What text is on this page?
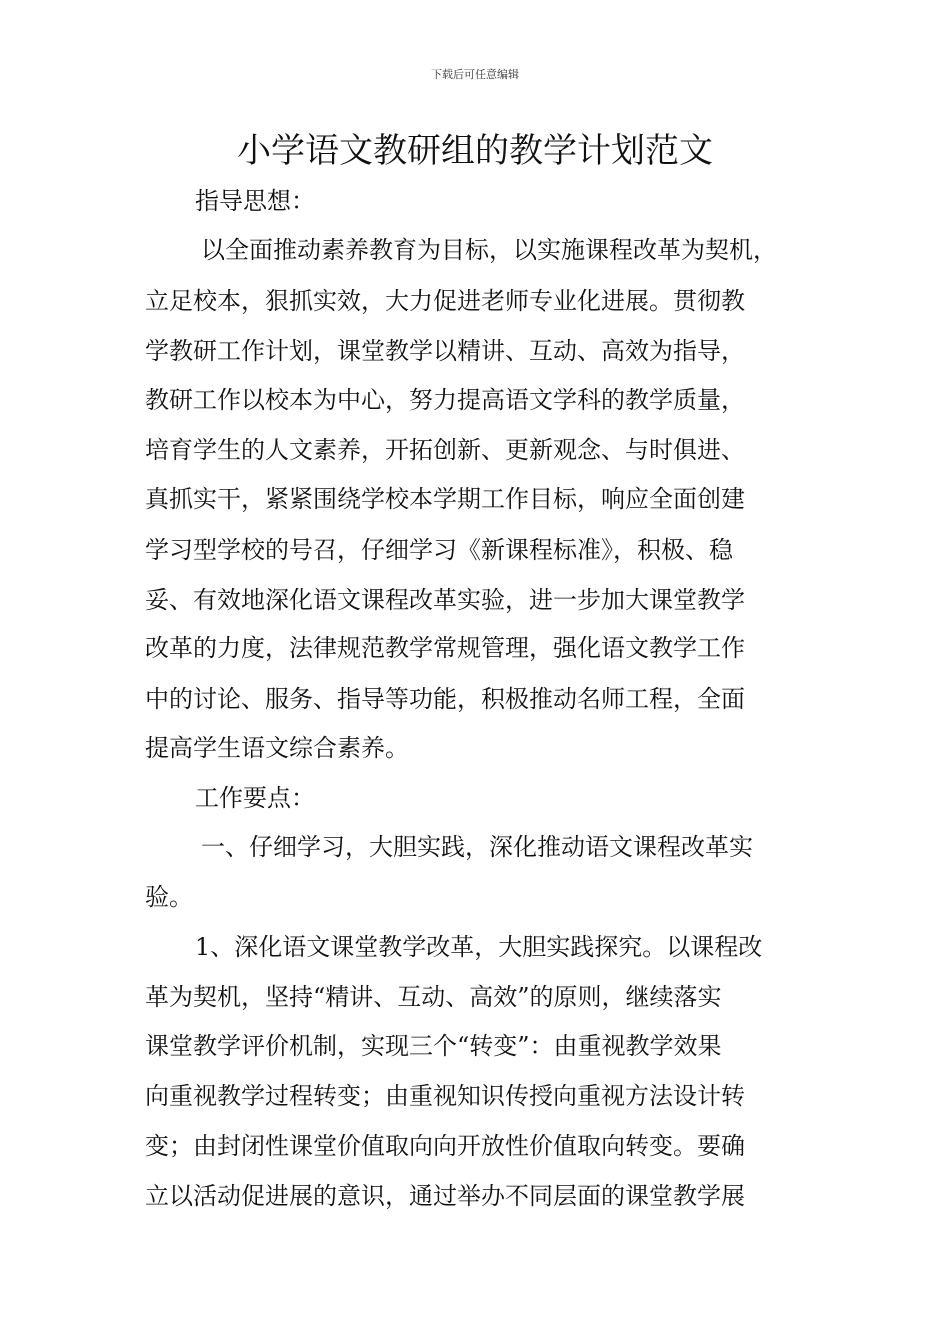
下载后可任意编辑
小学语文教研组的教学计划范文
指导思想：
以全面推动素养教育为目标，以实施课程改革为契机，
立足校本，狠抓实效，大力促进老师专业化进展。贯彻教
学教研工作计划，课堂教学以精讲、互动、高效为指导，
教研工作以校本为中心，努力提高语文学科的教学质量，
培育学生的人文素养，开拓创新、更新观念、与时俱进、
真抓实干，紧紧围绕学校本学期工作目标，响应全面创建
学习型学校的号召，仔细学习《新课程标准》，积极、稳
妥、有效地深化语文课程改革实验，进一步加大课堂教学
改革的力度，法律规范教学常规管理，强化语文教学工作
中的讨论、服务、指导等功能，积极推动名师工程，全面
提高学生语文综合素养。
工作要点：
一、仔细学习，大胆实践，深化推动语文课程改革实
验。
1、深化语文课堂教学改革，大胆实践探究。以课程改
革为契机，坚持“精讲、互动、高效”的原则，继续落实
课堂教学评价机制，实现三个“转变”：由重视教学效果
向重视教学过程转变；由重视知识传授向重视方法设计转
变；由封闭性课堂价值取向向开放性价值取向转变。要确
立以活动促进展的意识，通过举办不同层面的课堂教学展
